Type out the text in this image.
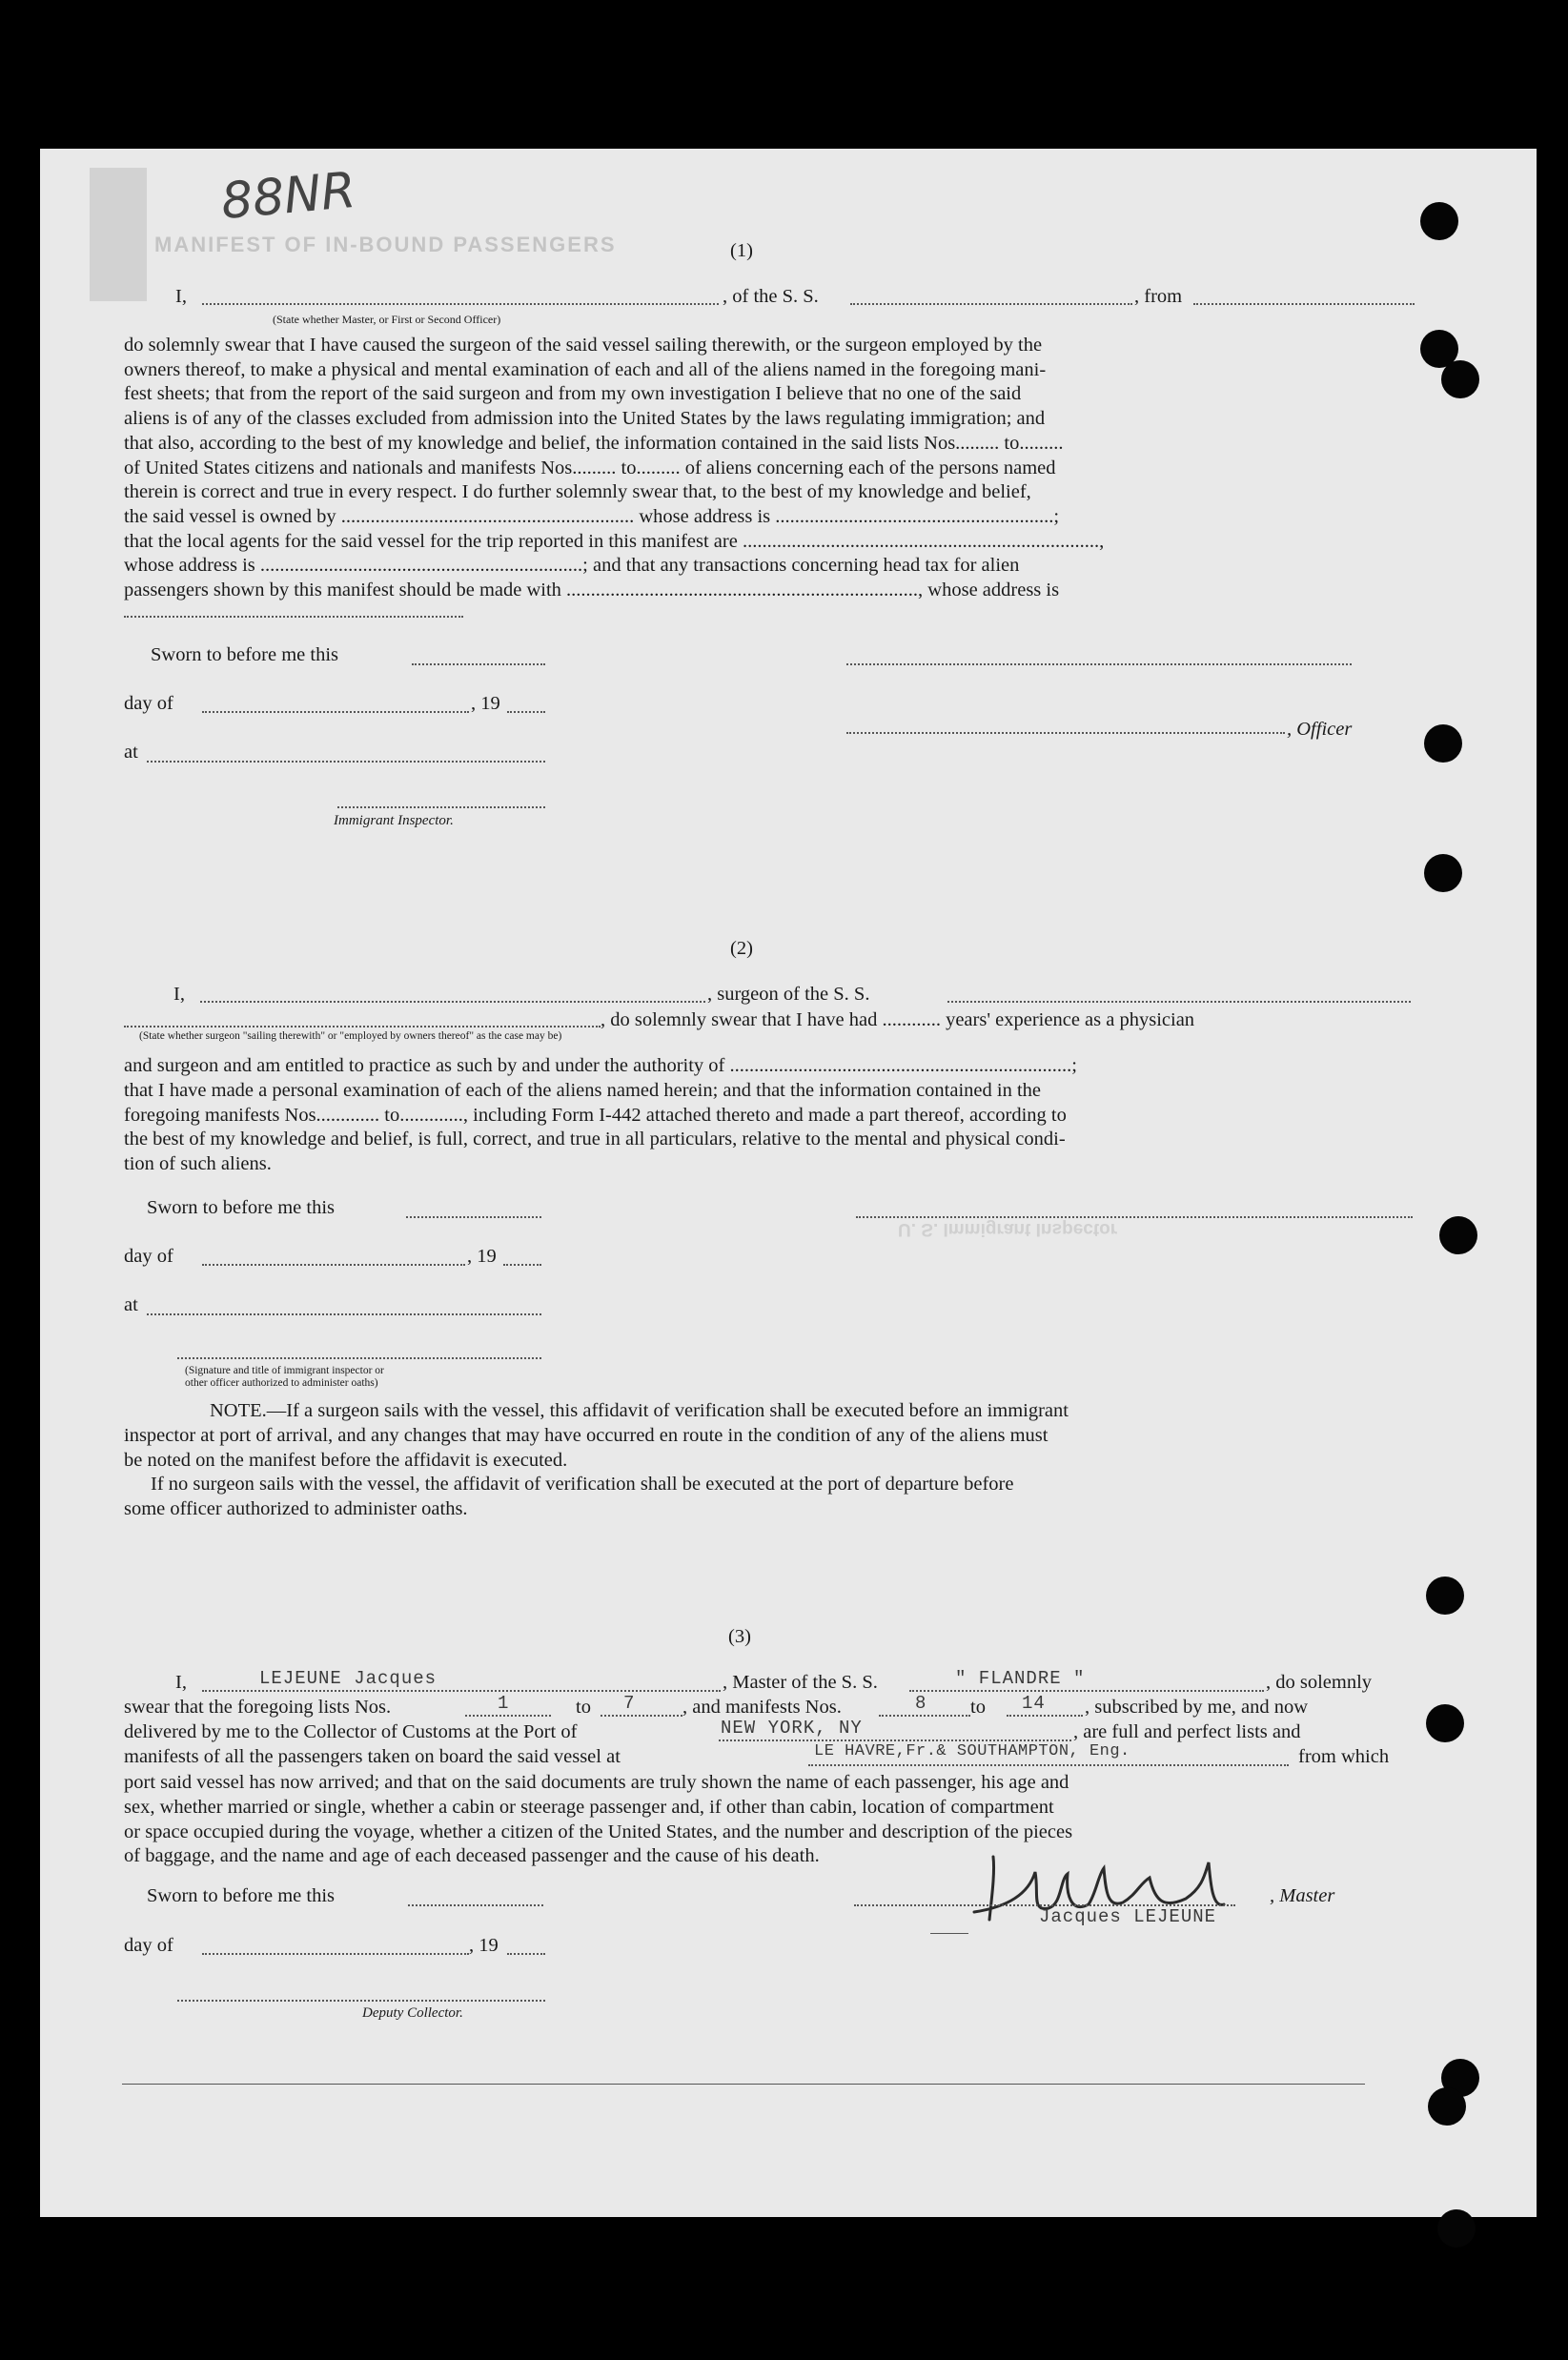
88NR
MANIFEST OF IN-BOUND PASSENGERS	(1)
I,	, of the S. S.	, from
(State whether Master, or First or Second Officer)
do solemnly swear that I have caused the surgeon of the said vessel sailing therewith, or the surgeon employed by the
owners thereof, to make a physical and mental examination of each and all of the aliens named in the foregoing mani-
fest sheets; that from the report of the said surgeon and from my own investigation I believe that no one of the said
aliens is of any of the classes excluded from admission into the United States by the laws regulating immigration; and
that also, according to the best of my knowledge and belief, the information contained in the said lists Nos......... to.........
of United States citizens and nationals and manifests Nos......... to......... of aliens concerning each of the persons named
therein is correct and true in every respect. I do further solemnly swear that, to the best of my knowledge and belief,
the said vessel is owned by ............................................................ whose address is .........................................................;
that the local agents for the said vessel for the trip reported in this manifest are .........................................................................,
whose address is ..................................................................; and that any transactions concerning head tax for alien
passengers shown by this manifest should be made with ........................................................................, whose address is
Sworn to before me this
day of	, 19
, Officer
at
Immigrant Inspector.
(2)
I,	, surgeon of the S. S.
, do solemnly swear that I have had ............ years' experience as a physician
(State whether surgeon "sailing therewith" or "employed by owners thereof" as the case may be)
and surgeon and am entitled to practice as such by and under the authority of ......................................................................;
that I have made a personal examination of each of the aliens named herein; and that the information contained in the
foregoing manifests Nos............. to............., including Form I-442 attached thereto and made a part thereof, according to
the best of my knowledge and belief, is full, correct, and true in all particulars, relative to the mental and physical condi-
tion of such aliens.
Sworn to before me this
U. S. Immigrant Inspector
day of	, 19
at
(Signature and title of immigrant inspector or
other officer authorized to administer oaths)
NOTE.—If a surgeon sails with the vessel, this affidavit of verification shall be executed before an immigrant
inspector at port of arrival, and any changes that may have occurred en route in the condition of any of the aliens must
be noted on the manifest before the affidavit is executed.
If no surgeon sails with the vessel, the affidavit of verification shall be executed at the port of departure before
some officer authorized to administer oaths.
(3)
I,	LEJEUNE Jacques	, Master of the S. S.	" FLANDRE "	, do solemnly
swear that the foregoing lists Nos.	1	to 7 , and manifests Nos.	8 to 14 , subscribed by me, and now
delivered by me to the Collector of Customs at the Port of	NEW YORK, NY	, are full and perfect lists and
manifests of all the passengers taken on board the said vessel at	LE HAVRE,Fr.& SOUTHAMPTON, Eng.	from which
port said vessel has now arrived; and that on the said documents are truly shown the name of each passenger, his age and
sex, whether married or single, whether a cabin or steerage passenger and, if other than cabin, location of compartment
or space occupied during the voyage, whether a citizen of the United States, and the number and description of the pieces
of baggage, and the name and age of each deceased passenger and the cause of his death.
Sworn to before me this	, Master
Jacques LEJEUNE
day of	, 19
Deputy Collector.
